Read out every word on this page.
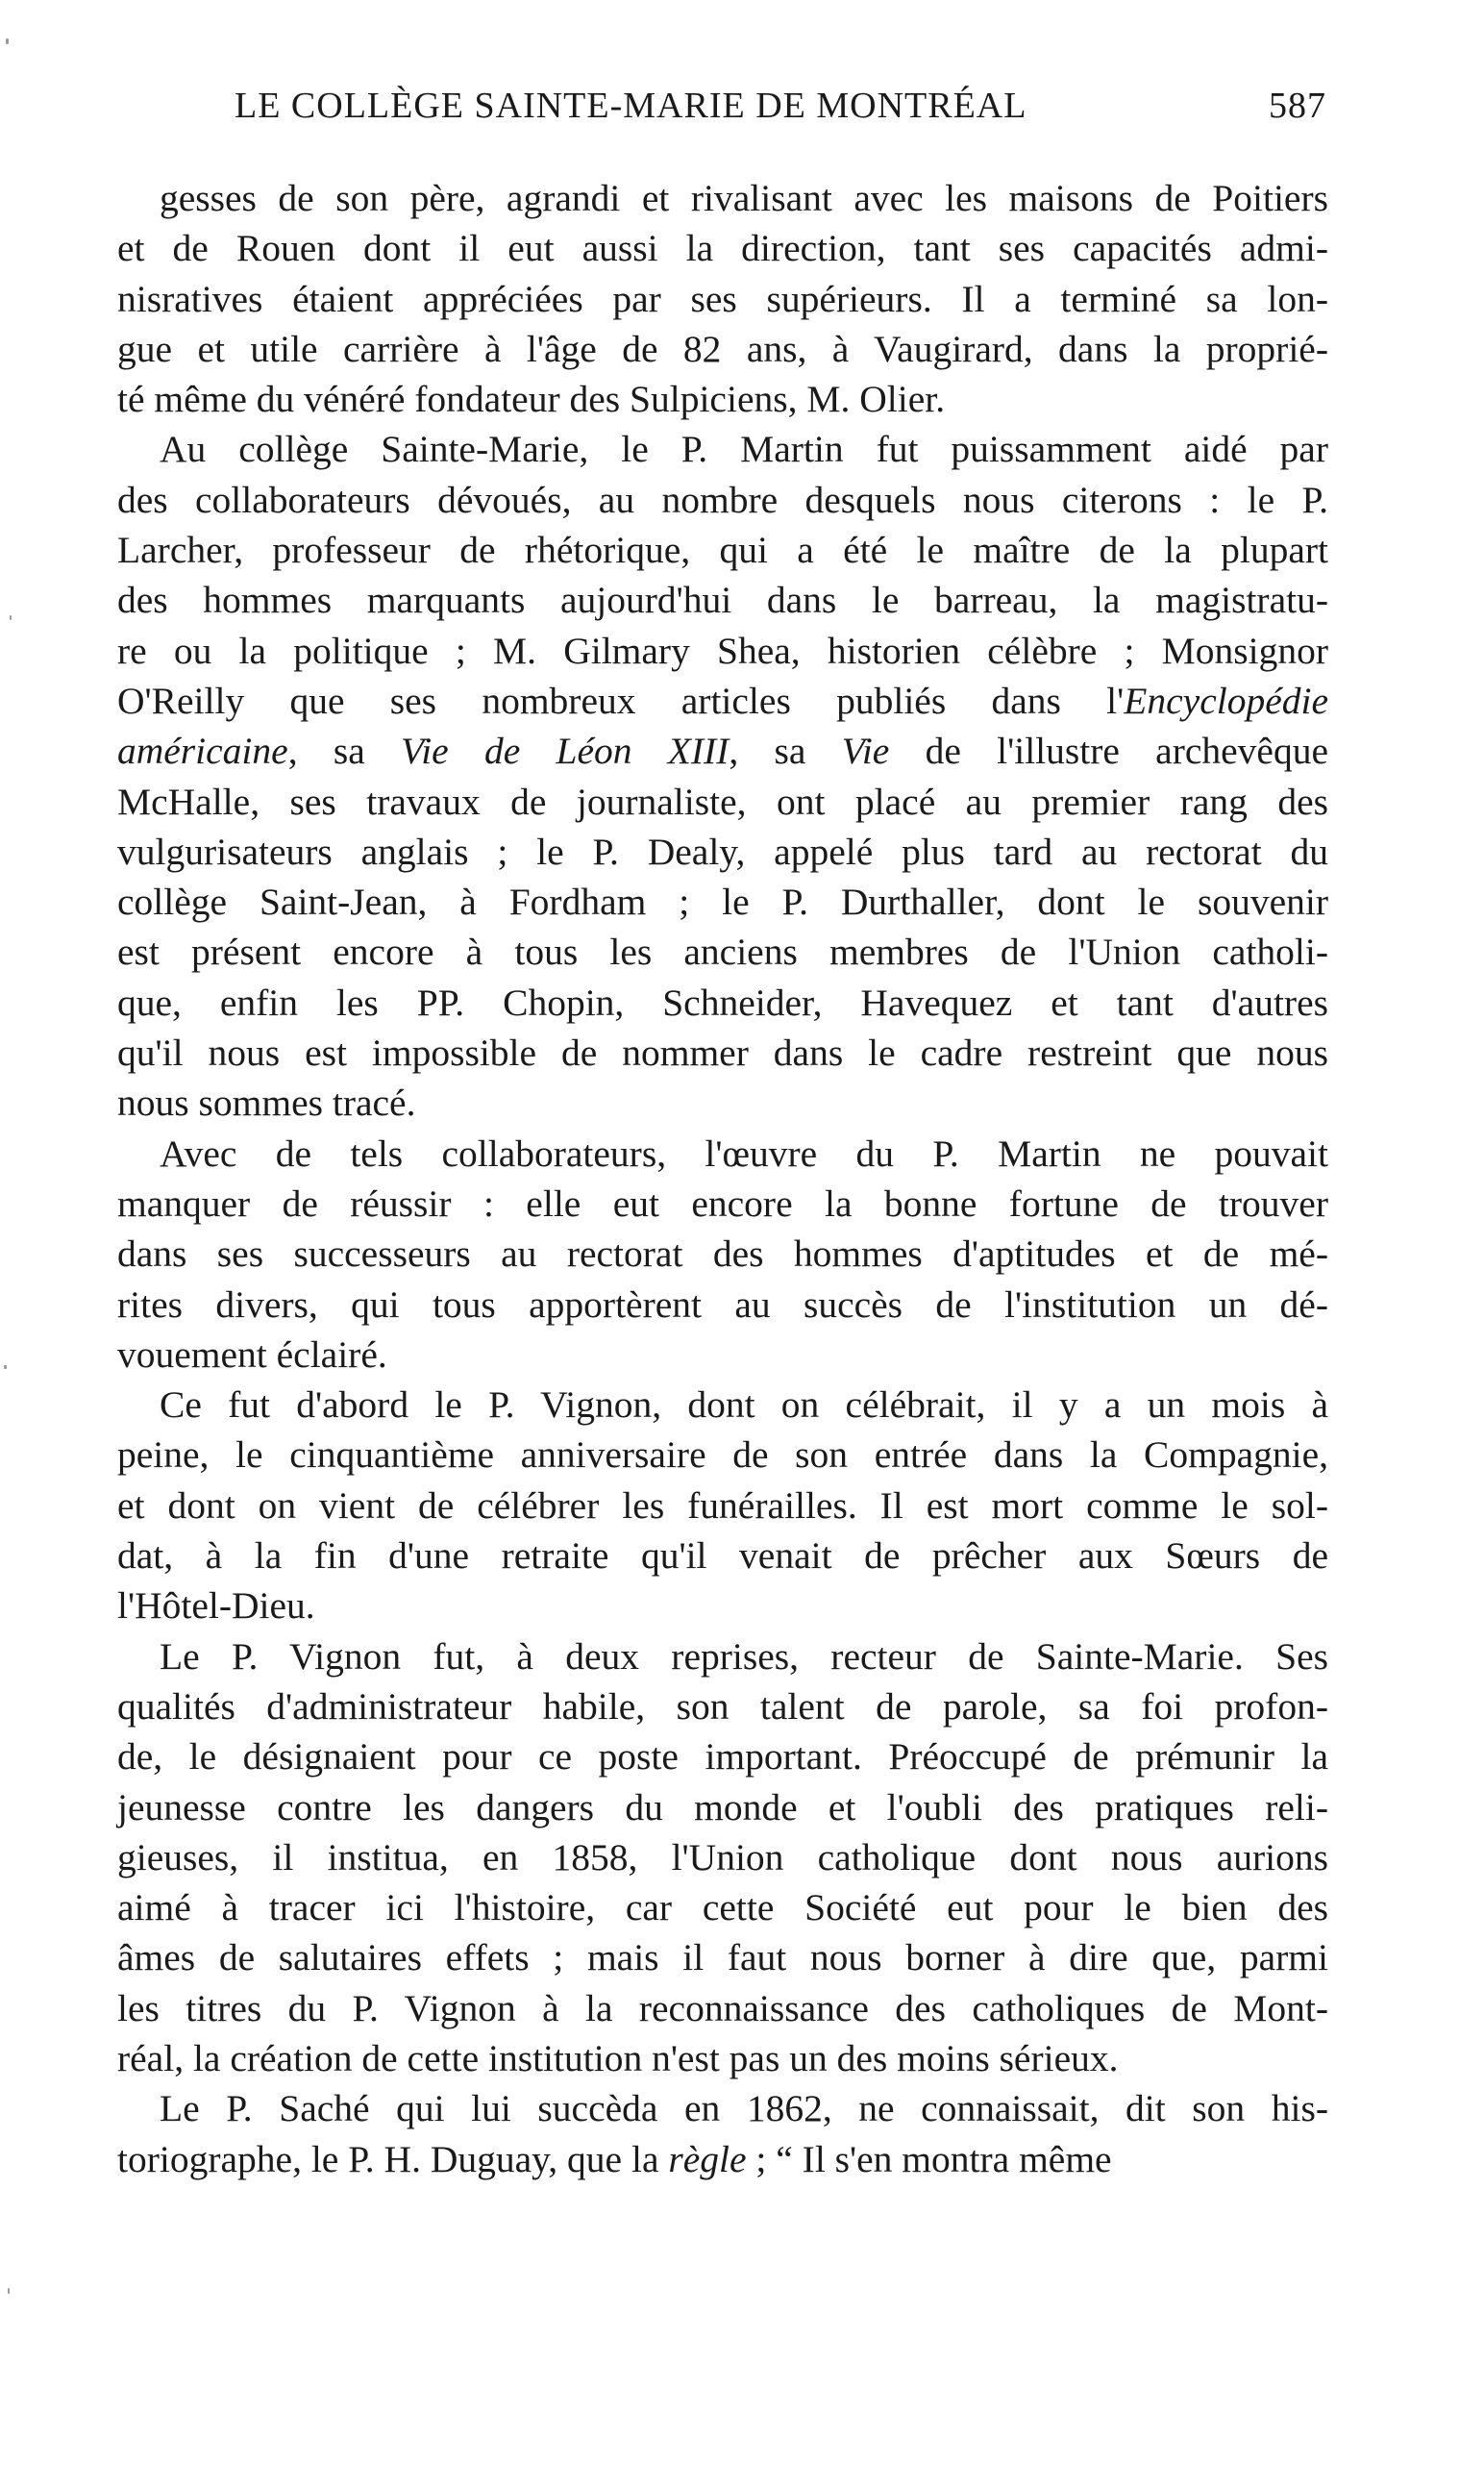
LE COLLÈGE SAINTE-MARIE DE MONTRÉAL	587
gesses de son père, agrandi et rivalisant avec les maisons de Poitiers
et de Rouen dont il eut aussi la direction, tant ses capacités admi-
nisratives étaient appréciées par ses supérieurs. Il a terminé sa lon-
gue et utile carrière à l'âge de 82 ans, à Vaugirard, dans la proprié-
té même du vénéré fondateur des Sulpiciens, M. Olier.
Au collège Sainte-Marie, le P. Martin fut puissamment aidé par
des collaborateurs dévoués, au nombre desquels nous citerons : le P.
Larcher, professeur de rhétorique, qui a été le maître de la plupart
des hommes marquants aujourd'hui dans le barreau, la magistratu-
re ou la politique ; M. Gilmary Shea, historien célèbre ; Monsignor
O'Reilly que ses nombreux articles publiés dans l'Encyclopédie
américaine, sa Vie de Léon XIII, sa Vie de l'illustre archevêque
McHalle, ses travaux de journaliste, ont placé au premier rang des
vulgurisateurs anglais ; le P. Dealy, appelé plus tard au rectorat du
collège Saint-Jean, à Fordham ; le P. Durthaller, dont le souvenir
est présent encore à tous les anciens membres de l'Union catholi-
que, enfin les PP. Chopin, Schneider, Havequez et tant d'autres
qu'il nous est impossible de nommer dans le cadre restreint que nous
nous sommes tracé.
Avec de tels collaborateurs, l'œuvre du P. Martin ne pouvait
manquer de réussir : elle eut encore la bonne fortune de trouver
dans ses successeurs au rectorat des hommes d'aptitudes et de mé-
rites divers, qui tous apportèrent au succès de l'institution un dé-
vouement éclairé.
Ce fut d'abord le P. Vignon, dont on célébrait, il y a un mois à
peine, le cinquantième anniversaire de son entrée dans la Compagnie,
et dont on vient de célébrer les funérailles. Il est mort comme le sol-
dat, à la fin d'une retraite qu'il venait de prêcher aux Sœurs de
l'Hôtel-Dieu.
Le P. Vignon fut, à deux reprises, recteur de Sainte-Marie. Ses
qualités d'administrateur habile, son talent de parole, sa foi profon-
de, le désignaient pour ce poste important. Préoccupé de prémunir la
jeunesse contre les dangers du monde et l'oubli des pratiques reli-
gieuses, il institua, en 1858, l'Union catholique dont nous aurions
aimé à tracer ici l'histoire, car cette Société eut pour le bien des
âmes de salutaires effets ; mais il faut nous borner à dire que, parmi
les titres du P. Vignon à la reconnaissance des catholiques de Mont-
réal, la création de cette institution n'est pas un des moins sérieux.
Le P. Saché qui lui succèda en 1862, ne connaissait, dit son his-
toriographe, le P. H. Duguay, que la règle ; “ Il s'en montra même
